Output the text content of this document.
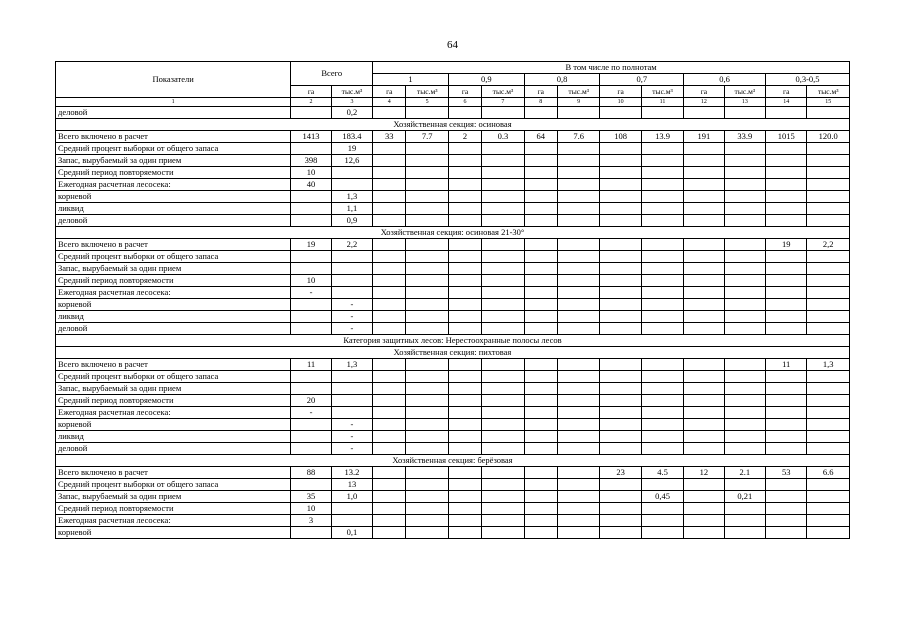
64
Показатели	Всего		В том числе по полнотам											
			1		0,9		0,8		0,7		0,6		0,3-0,5	
	га	тыс.м³	га	тыс.м³	га	тыс.м³	га	тыс.м³	га	тыс.м³	га	тыс.м³	га	тыс.м³
1	2	3	4	5	6	7	8	9	10	11	12	13	14	15
деловой		0,2												
Хозяйственная секция: осиновая														
Всего включено в расчет	1413	183.4	33	7.7	2	0.3	64	7.6	108	13.9	191	33.9	1015	120.0
Средний процент выборки от общего запаса		19												
Запас, вырубаемый за один прием	398	12,6												
Средний период повторяемости	10													
Ежегодная расчетная лесосека:	40													
корневой		1,3												
ликвид		1,1												
деловой		0,9												
Хозяйственная секция: осиновая 21-30°														
Всего включено в расчет	19	2,2											19	2,2
Средний процент выборки от общего запаса														
Запас, вырубаемый за один прием														
Средний период повторяемости	10													
Ежегодная расчетная лесосека:	-													
корневой		-												
ликвид		-												
деловой		-												
Категория защитных лесов: Нерестоохранные полосы лесов														
Хозяйственная секция: пихтовая														
Всего включено в расчет	11	1,3											11	1,3
Средний процент выборки от общего запаса														
Запас, вырубаемый за один прием														
Средний период повторяемости	20													
Ежегодная расчетная лесосека:	-													
корневой		-												
ликвид		-												
деловой		-												
Хозяйственная секция: берёзовая														
Всего включено в расчет	88	13.2							23	4.5	12	2.1	53	6.6
Средний процент выборки от общего запаса		13												
Запас, вырубаемый за один прием	35	1,0								0,45		0,21		
Средний период повторяемости	10													
Ежегодная расчетная лесосека:	3													
корневой		0,1												
